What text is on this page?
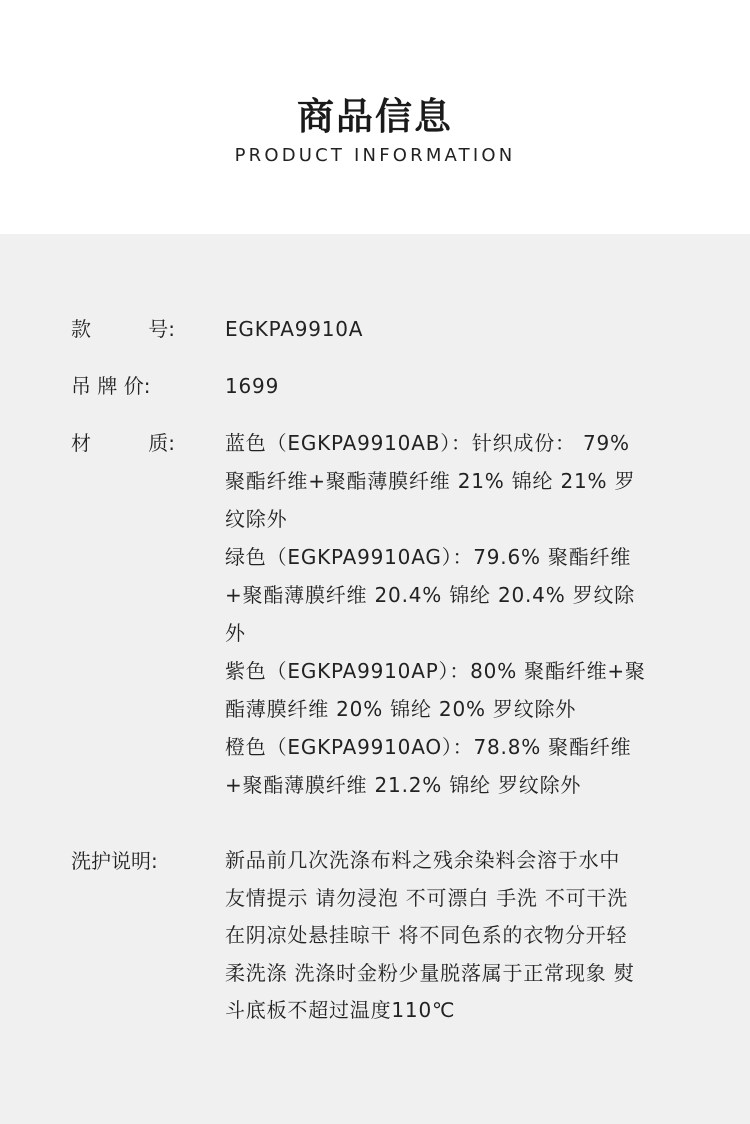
商品信息
PRODUCT INFORMATION
款	号:	EGKPA9910A
吊 牌 价:	1699
材	质:	蓝色（EGKPA9910AB）：针织成份： 79%
聚酯纤维+聚酯薄膜纤维 21% 锦纶 21% 罗
纹除外
绿色（EGKPA9910AG）：79.6% 聚酯纤维
+聚酯薄膜纤维 20.4% 锦纶 20.4% 罗纹除
外
紫色（EGKPA9910AP）：80% 聚酯纤维+聚
酯薄膜纤维 20% 锦纶 20% 罗纹除外
橙色（EGKPA9910AO）：78.8% 聚酯纤维
+聚酯薄膜纤维 21.2% 锦纶 罗纹除外
洗护说明:	新品前几次洗涤布料之残余染料会溶于水中
友情提示 请勿浸泡 不可漂白 手洗 不可干洗
在阴凉处悬挂晾干 将不同色系的衣物分开轻
柔洗涤 洗涤时金粉少量脱落属于正常现象 熨
斗底板不超过温度110℃
